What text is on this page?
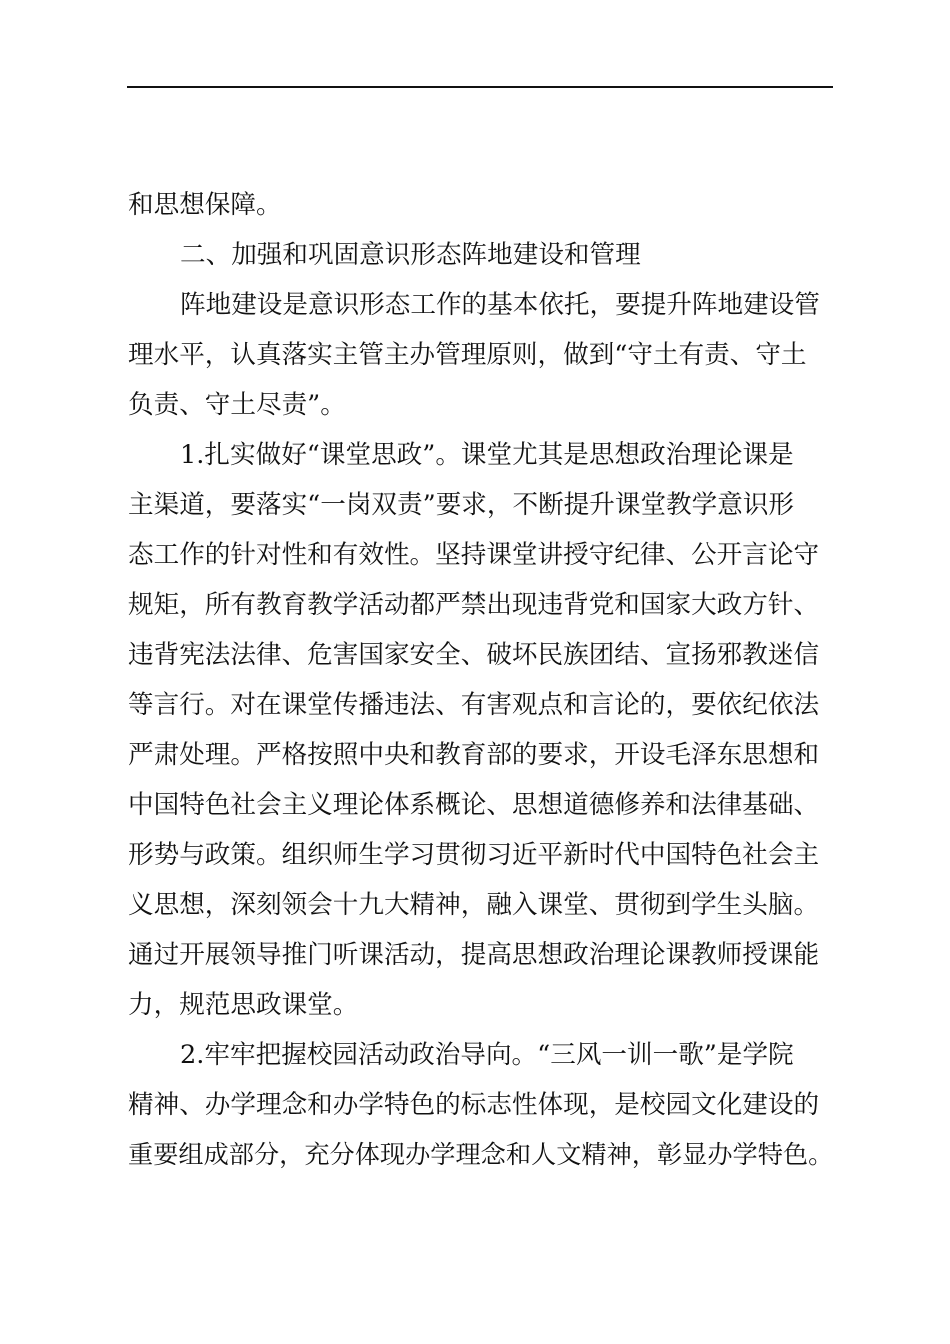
和思想保障。
二、加强和巩固意识形态阵地建设和管理
阵地建设是意识形态工作的基本依托，要提升阵地建设管
理水平，认真落实主管主办管理原则，做到“守土有责、守土
负责、守土尽责”。
1.扎实做好“课堂思政”。课堂尤其是思想政治理论课是
主渠道，要落实“一岗双责”要求，不断提升课堂教学意识形
态工作的针对性和有效性。坚持课堂讲授守纪律、公开言论守
规矩，所有教育教学活动都严禁出现违背党和国家大政方针、
违背宪法法律、危害国家安全、破坏民族团结、宣扬邪教迷信
等言行。对在课堂传播违法、有害观点和言论的，要依纪依法
严肃处理。严格按照中央和教育部的要求，开设毛泽东思想和
中国特色社会主义理论体系概论、思想道德修养和法律基础、
形势与政策。组织师生学习贯彻习近平新时代中国特色社会主
义思想，深刻领会十九大精神，融入课堂、贯彻到学生头脑。
通过开展领导推门听课活动，提高思想政治理论课教师授课能
力，规范思政课堂。
2.牢牢把握校园活动政治导向。“三风一训一歌”是学院
精神、办学理念和办学特色的标志性体现，是校园文化建设的
重要组成部分，充分体现办学理念和人文精神，彰显办学特色。
